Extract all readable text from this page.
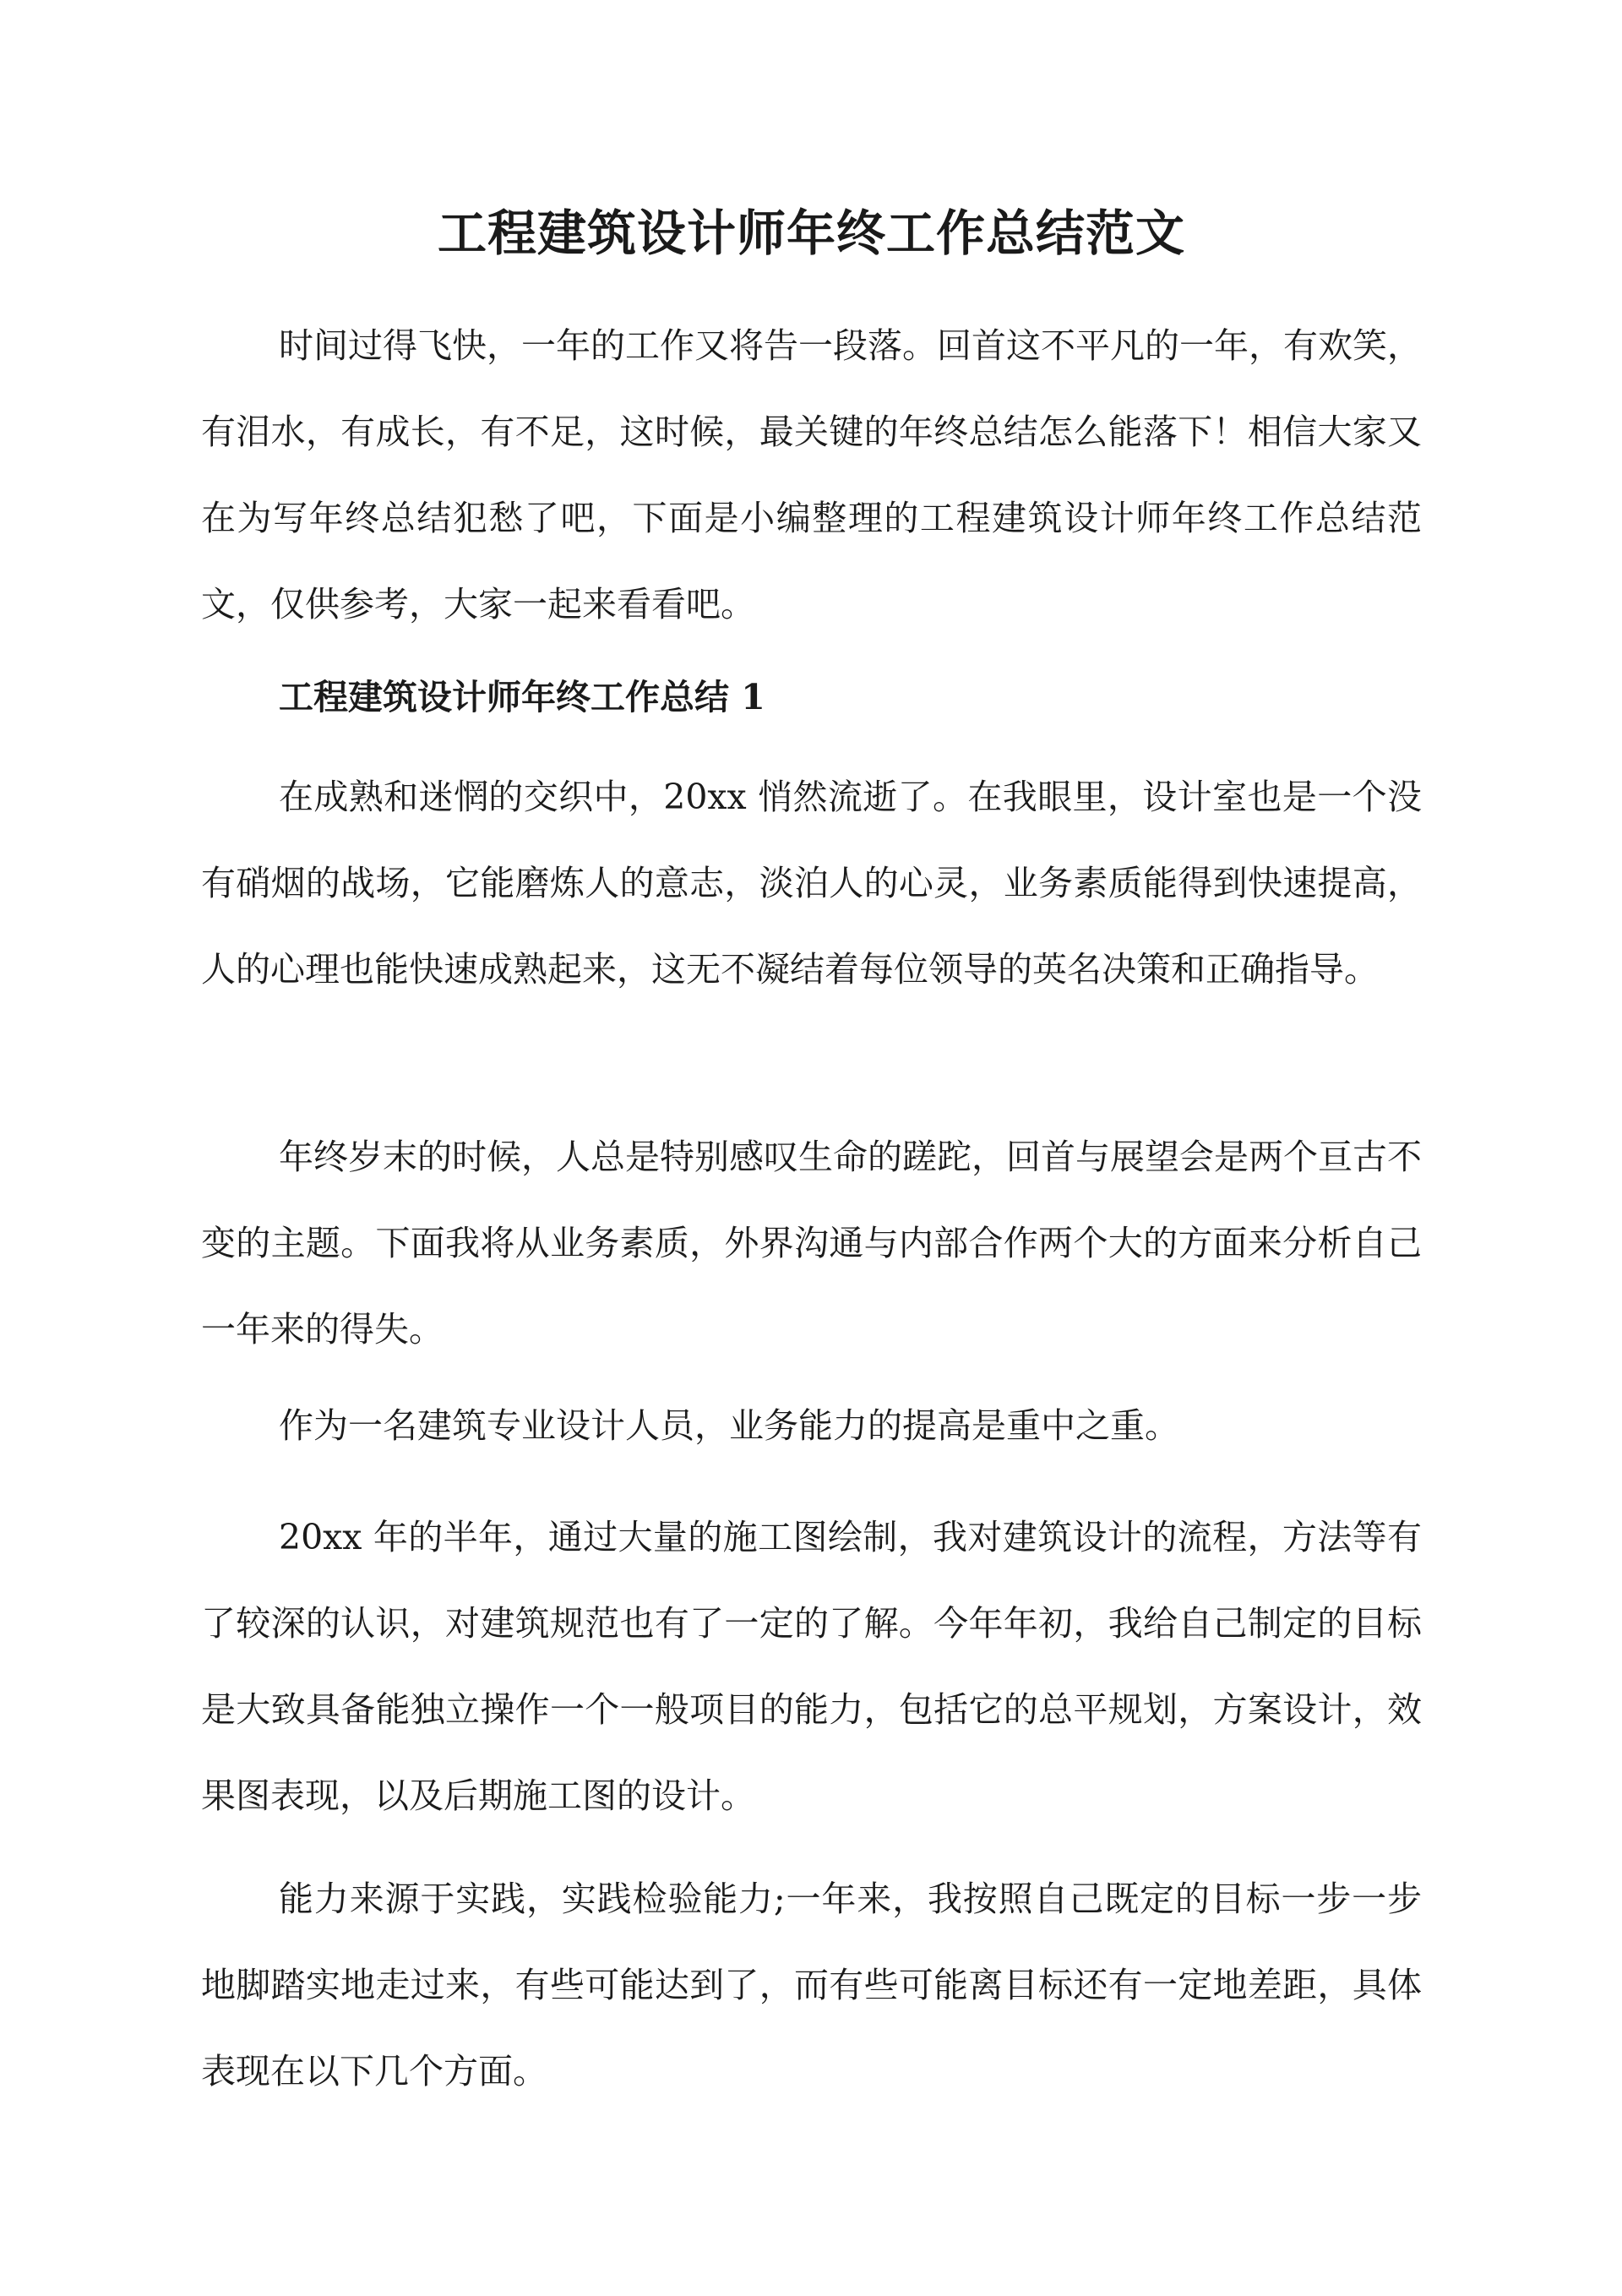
工程建筑设计师年终工作总结范文

时间过得飞快，一年的工作又将告一段落。回首这不平凡的一年，有欢笑，有泪水，有成长，有不足，这时候，最关键的年终总结怎么能落下！相信大家又在为写年终总结犯愁了吧，下面是小编整理的工程建筑设计师年终工作总结范文，仅供参考，大家一起来看看吧。

工程建筑设计师年终工作总结 1

在成熟和迷惘的交织中，20xx 悄然流逝了。在我眼里，设计室也是一个没有硝烟的战场，它能磨炼人的意志，淡泊人的心灵，业务素质能得到快速提高，人的心理也能快速成熟起来，这无不凝结着每位领导的英名决策和正确指导。

年终岁末的时候，人总是特别感叹生命的蹉跎，回首与展望会是两个亘古不变的主题。下面我将从业务素质，外界沟通与内部合作两个大的方面来分析自己一年来的得失。

作为一名建筑专业设计人员，业务能力的提高是重中之重。

20xx 年的半年，通过大量的施工图绘制，我对建筑设计的流程，方法等有了较深的认识，对建筑规范也有了一定的了解。今年年初，我给自己制定的目标是大致具备能独立操作一个一般项目的能力，包括它的总平规划，方案设计，效果图表现，以及后期施工图的设计。

能力来源于实践，实践检验能力;一年来，我按照自己既定的目标一步一步地脚踏实地走过来，有些可能达到了，而有些可能离目标还有一定地差距，具体表现在以下几个方面。
